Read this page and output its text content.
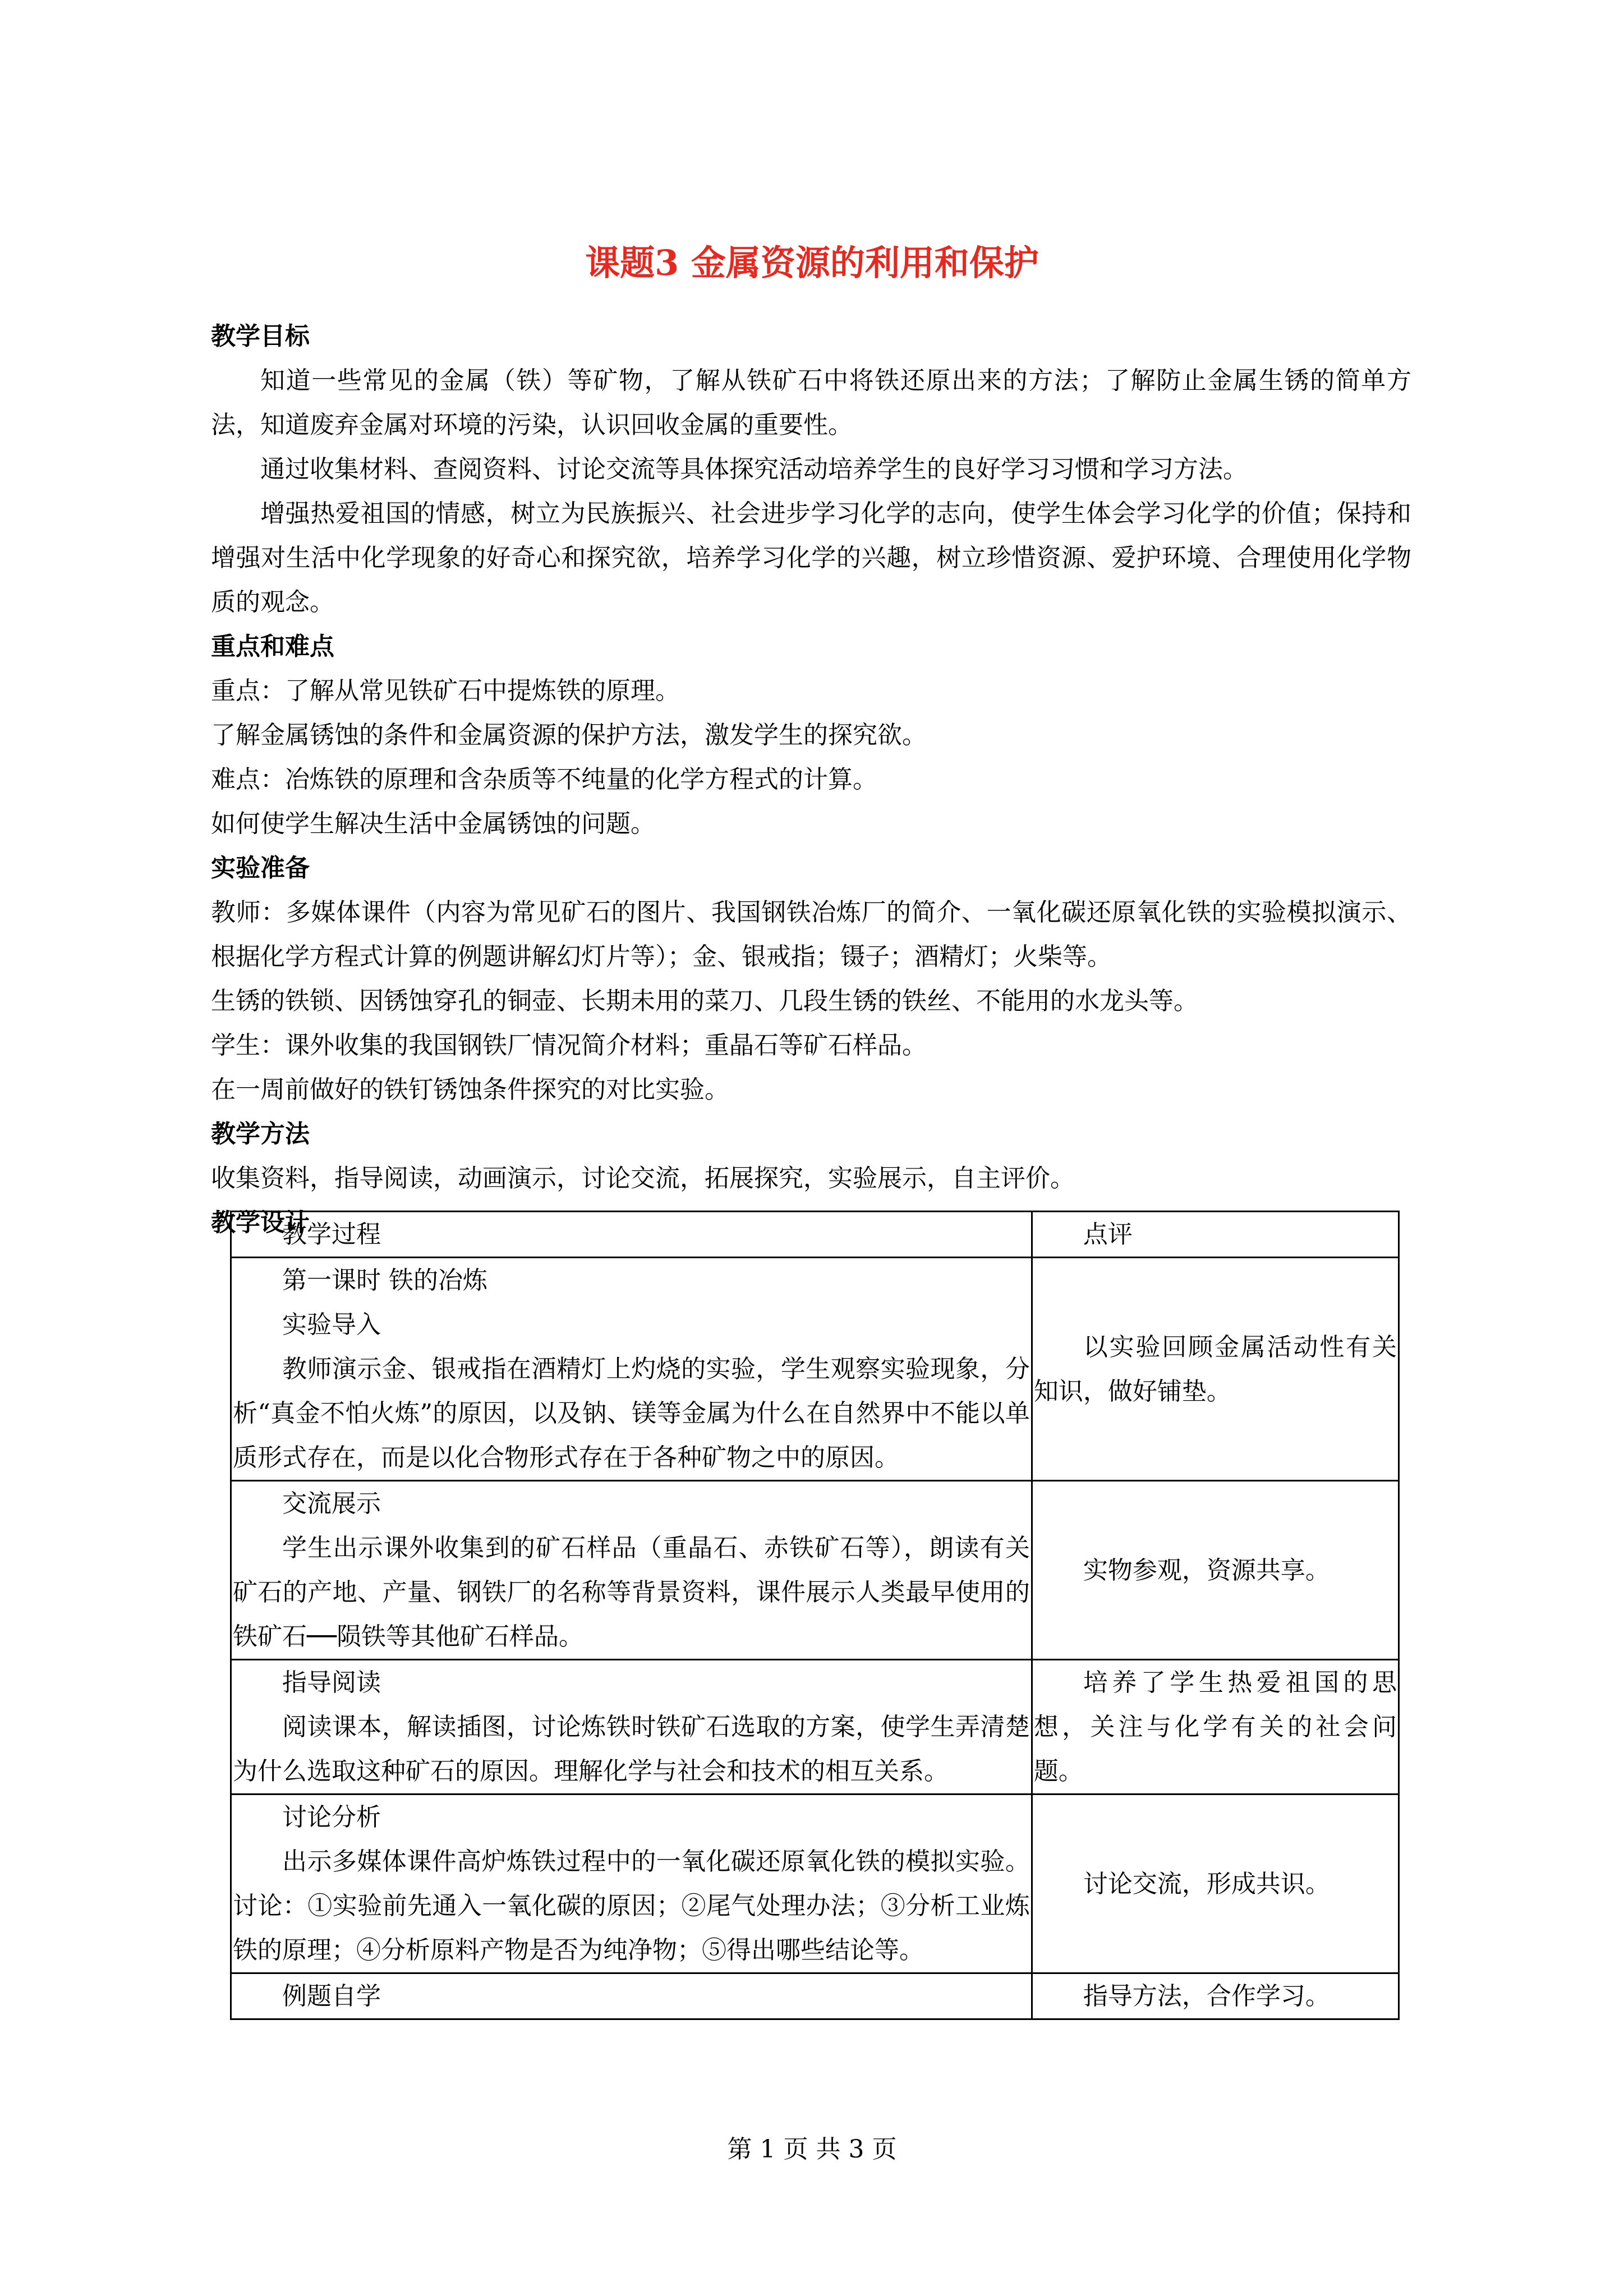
课题3 金属资源的利用和保护

教学目标

知道一些常见的金属（铁）等矿物，了解从铁矿石中将铁还原出来的方法；了解防止金属生锈的简单方法，知道废弃金属对环境的污染，认识回收金属的重要性。

通过收集材料、查阅资料、讨论交流等具体探究活动培养学生的良好学习习惯和学习方法。

增强热爱祖国的情感，树立为民族振兴、社会进步学习化学的志向，使学生体会学习化学的价值；保持和增强对生活中化学现象的好奇心和探究欲，培养学习化学的兴趣，树立珍惜资源、爱护环境、合理使用化学物质的观念。

重点和难点

重点：了解从常见铁矿石中提炼铁的原理。

了解金属锈蚀的条件和金属资源的保护方法，激发学生的探究欲。

难点：冶炼铁的原理和含杂质等不纯量的化学方程式的计算。

如何使学生解决生活中金属锈蚀的问题。

实验准备

教师：多媒体课件（内容为常见矿石的图片、我国钢铁冶炼厂的简介、一氧化碳还原氧化铁的实验模拟演示、根据化学方程式计算的例题讲解幻灯片等）；金、银戒指；镊子；酒精灯；火柴等。

生锈的铁锁、因锈蚀穿孔的铜壶、长期未用的菜刀、几段生锈的铁丝、不能用的水龙头等。

学生：课外收集的我国钢铁厂情况简介材料；重晶石等矿石样品。

在一周前做好的铁钉锈蚀条件探究的对比实验。

教学方法

收集资料，指导阅读，动画演示，讨论交流，拓展探究，实验展示，自主评价。

教学设计

教学过程	点评

第一课时 铁的冶炼

实验导入

教师演示金、银戒指在酒精灯上灼烧的实验，学生观察实验现象，分析“真金不怕火炼”的原因，以及钠、镁等金属为什么在自然界中不能以单质形式存在，而是以化合物形式存在于各种矿物之中的原因。	以实验回顾金属活动性有关知识，做好铺垫。

交流展示

学生出示课外收集到的矿石样品（重晶石、赤铁矿石等），朗读有关矿石的产地、产量、钢铁厂的名称等背景资料，课件展示人类最早使用的铁矿石──陨铁等其他矿石样品。	实物参观，资源共享。

指导阅读

阅读课本，解读插图，讨论炼铁时铁矿石选取的方案，使学生弄清楚为什么选取这种矿石的原因。理解化学与社会和技术的相互关系。	培养了学生热爱祖国的思想，关注与化学有关的社会问题。

讨论分析

出示多媒体课件高炉炼铁过程中的一氧化碳还原氧化铁的模拟实验。讨论：①实验前先通入一氧化碳的原因；②尾气处理办法；③分析工业炼铁的原理；④分析原料产物是否为纯净物；⑤得出哪些结论等。	讨论交流，形成共识。

例题自学	指导方法，合作学习。

第 1 页 共 3 页
